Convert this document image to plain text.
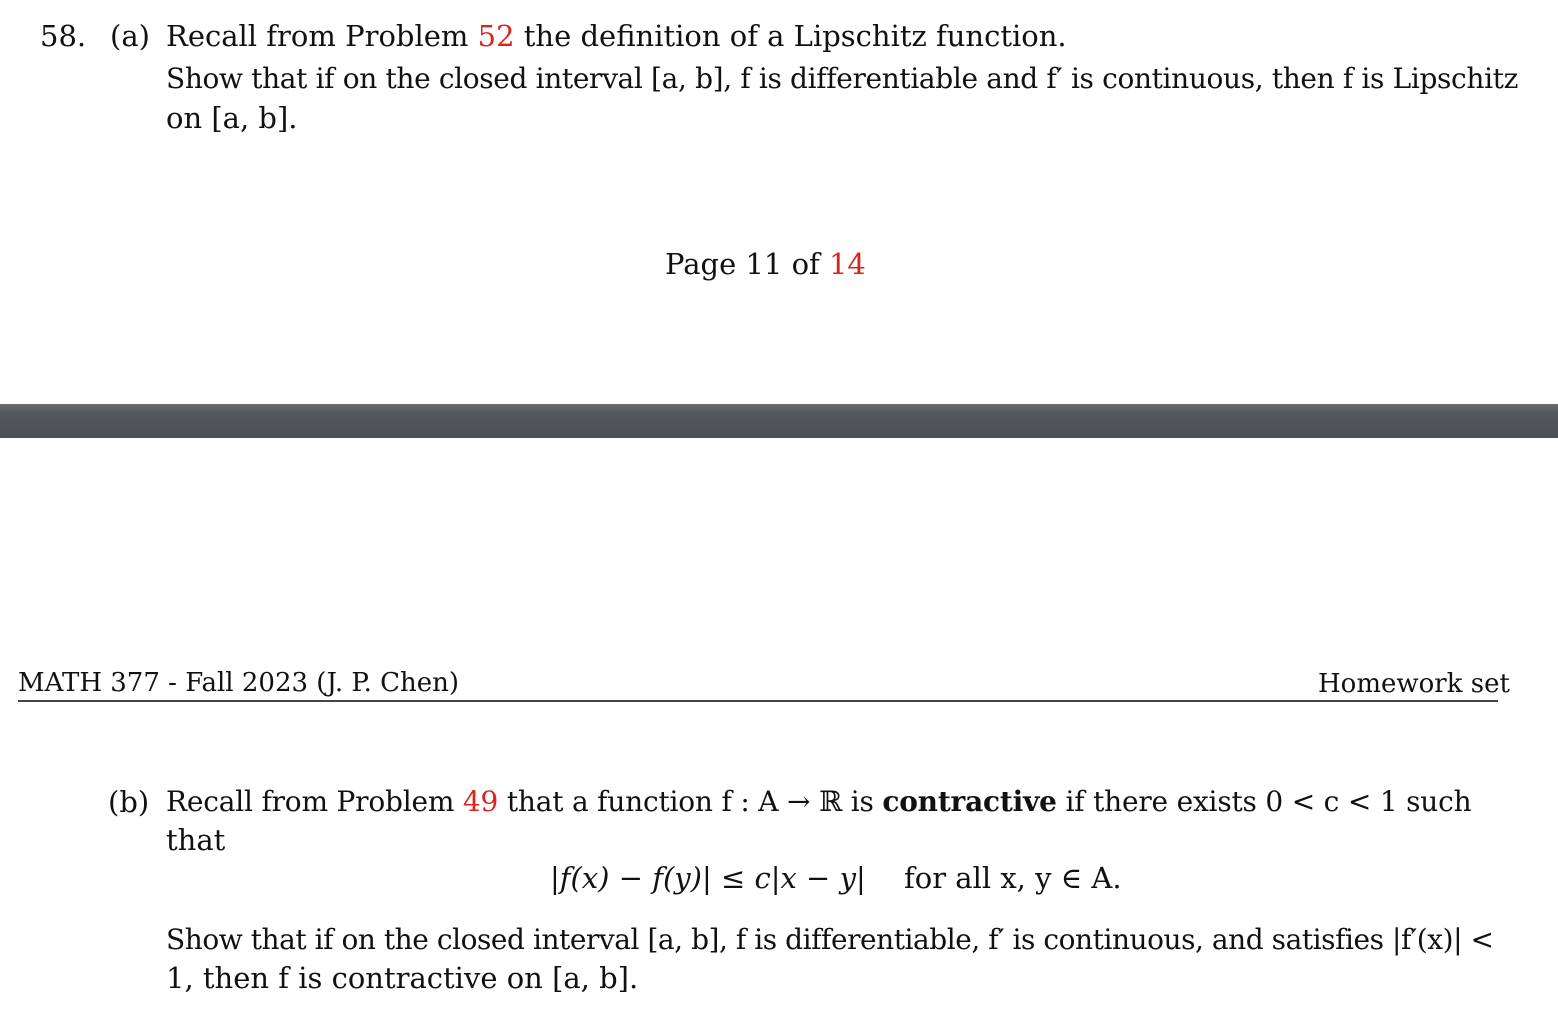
58. (a) Recall from Problem 52 the definition of a Lipschitz function.
Show that if on the closed interval [a, b], f is differentiable and f′ is continuous, then f is Lipschitz
on [a, b].
Page 11 of 14
MATH 377 - Fall 2023 (J. P. Chen)	Homework set
(b) Recall from Problem 49 that a function f : A → ℝ is contractive if there exists 0 < c < 1 such
that
|f(x) − f(y)| ≤ c|x − y| for all x, y ∈ A.
Show that if on the closed interval [a, b], f is differentiable, f′ is continuous, and satisfies |f′(x)| <
1, then f is contractive on [a, b].
